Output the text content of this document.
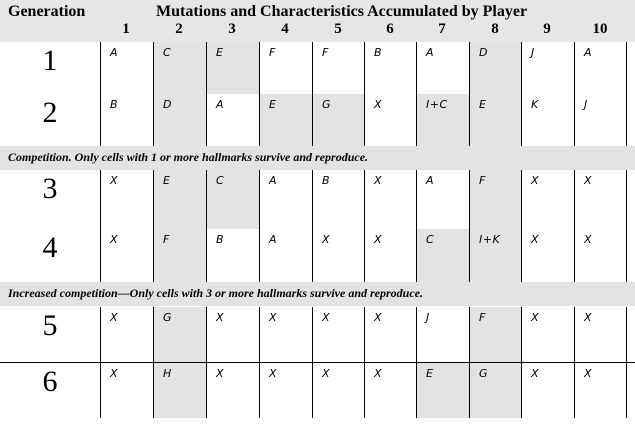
Generation	Mutations and Characteristics Accumulated by Player
1	2	3	4	5	6	7	8	9	10
Competition. Only cells with 1 or more hallmarks survive and reproduce.
Increased competition—Only cells with 3 or more hallmarks survive and reproduce.
1	A	C	E	F	F	B	A	D	J	A
2	B	D	A	E	G	X	I+C	E	K	J
3	X	E	C	A	B	X	A	F	X	X
4	X	F	B	A	X	X	C	I+K	X	X
5	X	G	X	X	X	X	J	F	X	X
6	X	H	X	X	X	X	E	G	X	X
